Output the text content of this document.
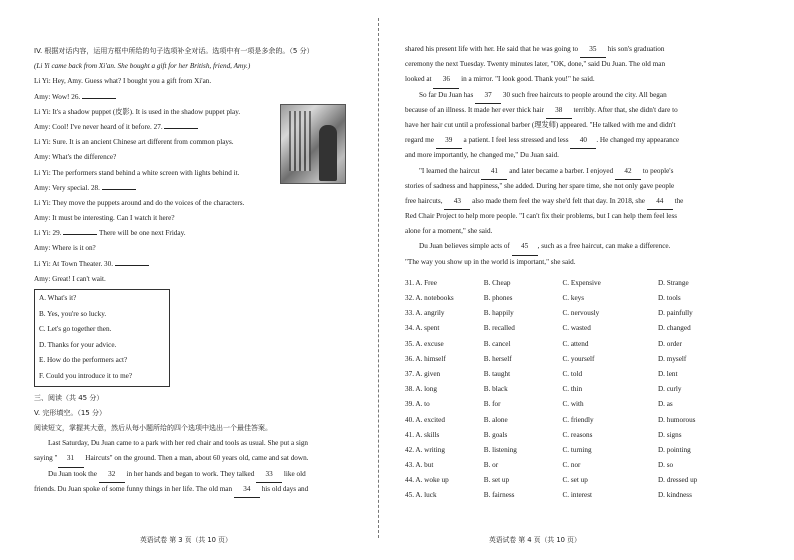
IV. 根据对话内容，运用方框中所给的句子选项补全对话。选项中有一项是多余的。（5 分）
(Li Yi came back from Xi'an. She bought a gift for her British, friend, Amy.)
Li Yi: Hey, Amy. Guess what? I bought you a gift from Xi'an.
Amy: Wow! 26.
Li Yi: It's a shadow puppet (皮影). It is used in the shadow puppet play.
Amy: Cool! I've never heard of it before. 27.
Li Yi: Sure. It is an ancient Chinese art different from common plays.
Amy: What's the difference?
Li Yi: The performers stand behind a white screen with lights behind it.
Amy: Very special. 28.
Li Yi: They move the puppets around and do the voices of the characters.
Amy: It must be interesting. Can I watch it here?
Li Yi: 29.	There will be one next Friday.
Amy: Where is it on?
Li Yi: At Town Theater. 30.
Amy: Great! I can't wait.
A. What's it?
B. Yes, you're so lucky.
C. Let's go together then.
D. Thanks for your advice.
E. How do the performers act?
F. Could you introduce it to me?
三、阅读（共 45 分）
V. 完形填空。（15 分）
阅读短文，掌握其大意，然后从每小题所给的四个选项中选出一个最佳答案。
Last Saturday, Du Juan came to a park with her red chair and tools as usual. She put a sign
saying " 31 Haircuts" on the ground. Then a man, about 60 years old, came and sat down.
Du Juan took the 32 in her hands and began to work. They talked 33 like old
friends. Du Juan spoke of some funny things in her life. The old man 34 his old days and
英语试卷 第 3 页（共 10 页）
shared his present life with her. He said that he was going to 35 his son's graduation
ceremony the next Tuesday. Twenty minutes later, "OK, done," said Du Juan. The old man
looked at 36 in a mirror. "I look good. Thank you!" he said.
So far Du Juan has 37 30 such free haircuts to people around the city. All began
because of an illness. It made her ever thick hair 38 terribly. After that, she didn't dare to
have her hair cut until a professional barber (理发师) appeared. "He talked with me and didn't
regard me 39 a patient. I feel less stressed and less 40 . He changed my appearance
and more importantly, he changed me," Du Juan said.
"I learned the haircut 41 and later became a barber. I enjoyed 42 to people's
stories of sadness and happiness," she added. During her spare time, she not only gave people
free haircuts, 43 also made them feel the way she'd felt that day. In 2018, she 44 the
Red Chair Project to help more people. "I can't fix their problems, but I can help them feel less
alone for a moment," she said.
Du Juan believes simple acts of 45 , such as a free haircut, can make a difference.
"The way you show up in the world is important," she said.
31. A. Free	B. Cheap	C. Expensive	D. Strange
32. A. notebooks	B. phones	C. keys	D. tools
33. A. angrily	B. happily	C. nervously	D. painfully
34. A. spent	B. recalled	C. wasted	D. changed
35. A. excuse	B. cancel	C. attend	D. order
36. A. himself	B. herself	C. yourself	D. myself
37. A. given	B. taught	C. told	D. lent
38. A. long	B. black	C. thin	D. curly
39. A. to	B. for	C. with	D. as
40. A. excited	B. alone	C. friendly	D. humorous
41. A. skills	B. goals	C. reasons	D. signs
42. A. writing	B. listening	C. turning	D. pointing
43. A. but	B. or	C. nor	D. so
44. A. woke up	B. set up	C. set up	D. dressed up
45. A. luck	B. fairness	C. interest	D. kindness
英语试卷 第 4 页（共 10 页）
